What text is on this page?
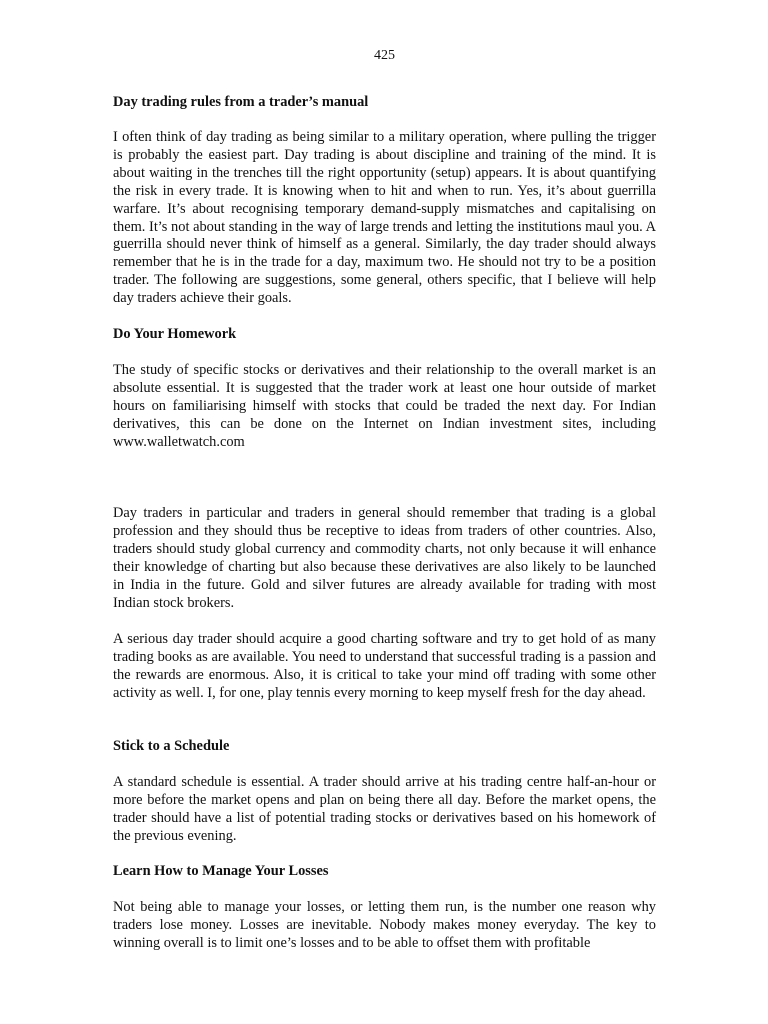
425

Day trading rules from a trader’s manual

I often think of day trading as being similar to a military operation, where pulling the trigger is probably the easiest part. Day trading is about discipline and training of the mind. It is about waiting in the trenches till the right opportunity (setup) appears. It is about quantifying the risk in every trade. It is knowing when to hit and when to run. Yes, it’s about guerrilla warfare. It’s about recognising temporary demand-supply mismatches and capitalising on them. It’s not about standing in the way of large trends and letting the institutions maul you. A guerrilla should never think of himself as a general. Similarly, the day trader should always remember that he is in the trade for a day, maximum two. He should not try to be a position trader. The following are suggestions, some general, others specific, that I believe will help day traders achieve their goals.

Do Your Homework

The study of specific stocks or derivatives and their relationship to the overall market is an absolute essential. It is suggested that the trader work at least one hour outside of market hours on familiarising himself with stocks that could be traded the next day. For Indian derivatives, this can be done on the Internet on Indian investment sites, including www.walletwatch.com

Day traders in particular and traders in general should remember that trading is a global profession and they should thus be receptive to ideas from traders of other countries. Also, traders should study global currency and commodity charts, not only because it will enhance their knowledge of charting but also because these derivatives are also likely to be launched in India in the future. Gold and silver futures are already available for trading with most Indian stock brokers.

A serious day trader should acquire a good charting software and try to get hold of as many trading books as are available. You need to understand that successful trading is a passion and the rewards are enormous. Also, it is critical to take your mind off trading with some other activity as well. I, for one, play tennis every morning to keep myself fresh for the day ahead.

Stick to a Schedule

A standard schedule is essential. A trader should arrive at his trading centre half-an-hour or more before the market opens and plan on being there all day. Before the market opens, the trader should have a list of potential trading stocks or derivatives based on his homework of the previous evening.

Learn How to Manage Your Losses

Not being able to manage your losses, or letting them run, is the number one reason why traders lose money. Losses are inevitable. Nobody makes money everyday. The key to winning overall is to limit one’s losses and to be able to offset them with profitable
